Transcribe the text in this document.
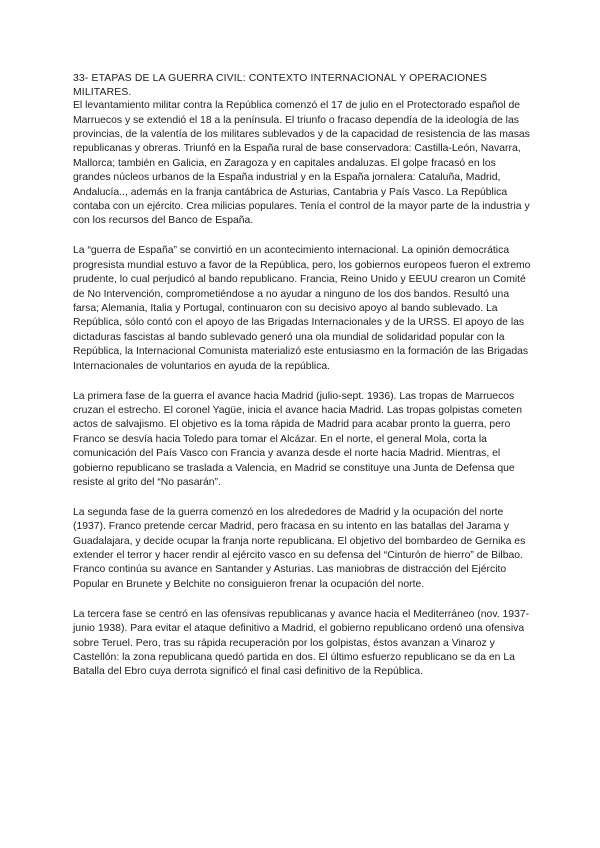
33- ETAPAS DE LA GUERRA CIVIL: CONTEXTO INTERNACIONAL Y OPERACIONES MILITARES.

El levantamiento militar contra la República comenzó el 17 de julio en el Protectorado español de Marruecos y se extendió el 18 a la península. El triunfo o fracaso dependía de la ideología de las provincias, de la valentía de los militares sublevados y de la capacidad de resistencia de las masas republicanas y obreras. Triunfó en la España rural de base conservadora: Castilla-León, Navarra, Mallorca; también en Galicia, en Zaragoza y en capitales andaluzas. El golpe fracasó en los grandes núcleos urbanos de la España industrial y en la España jornalera: Cataluña, Madrid, Andalucía.., además en la franja cantábrica de Asturias, Cantabria y País Vasco. La República contaba con un ejército. Crea milicias populares. Tenía el control de la mayor parte de la industria y con los recursos del Banco de España.

La “guerra de España” se convirtió en un acontecimiento internacional. La opinión democrática progresista mundial estuvo a favor de la República, pero, los gobiernos europeos fueron el extremo prudente, lo cual perjudicó al bando republicano. Francia, Reino Unido y EEUU crearon un Comité de No Intervención, comprometiéndose a no ayudar a ninguno de los dos bandos. Resultó una farsa; Alemania, Italia y Portugal, continuaron con su decisivo apoyo al bando sublevado. La República, sólo contó con el apoyo de las Brigadas Internacionales y de la URSS. El apoyo de las dictaduras fascistas al bando sublevado generó una ola mundial de solidaridad popular con la República, la Internacional Comunista materializó este entusiasmo en la formación de las Brigadas Internacionales de voluntarios en ayuda de la república.

La primera fase de la guerra el avance hacia Madrid (julio-sept. 1936). Las tropas de Marruecos cruzan el estrecho. El coronel Yagüe, inicia el avance hacia Madrid. Las tropas golpistas cometen actos de salvajismo. El objetivo es la toma rápida de Madrid para acabar pronto la guerra, pero Franco se desvía hacia Toledo para tomar el Alcázar. En el norte, el general Mola, corta la comunicación del País Vasco con Francia y avanza desde el norte hacia Madrid. Mientras, el gobierno republicano se traslada a Valencia, en Madrid se constituye una Junta de Defensa que resiste al grito del “No pasarán”.

La segunda fase de la guerra comenzó en los alrededores de Madrid y la ocupación del norte (1937). Franco pretende cercar Madrid, pero fracasa en su intento en las batallas del Jarama y Guadalajara, y decide ocupar la franja norte republicana. El objetivo del bombardeo de Gernika es extender el terror y hacer rendir al ejército vasco en su defensa del “Cinturón de hierro” de Bilbao. Franco continúa su avance en Santander y Asturias. Las maniobras de distracción del Ejército Popular en Brunete y Belchite no consiguieron frenar la ocupación del norte.

La tercera fase se centró en las ofensivas republicanas y avance hacia el Mediterráneo (nov. 1937-junio 1938). Para evitar el ataque definitivo a Madrid, el gobierno republicano ordenó una ofensiva sobre Teruel. Pero, tras su rápida recuperación por los golpistas, éstos avanzan a Vinaroz y Castellón: la zona republicana quedó partida en dos. El último esfuerzo republicano se da en La Batalla del Ebro cuya derrota significó el final casi definitivo de la República.
